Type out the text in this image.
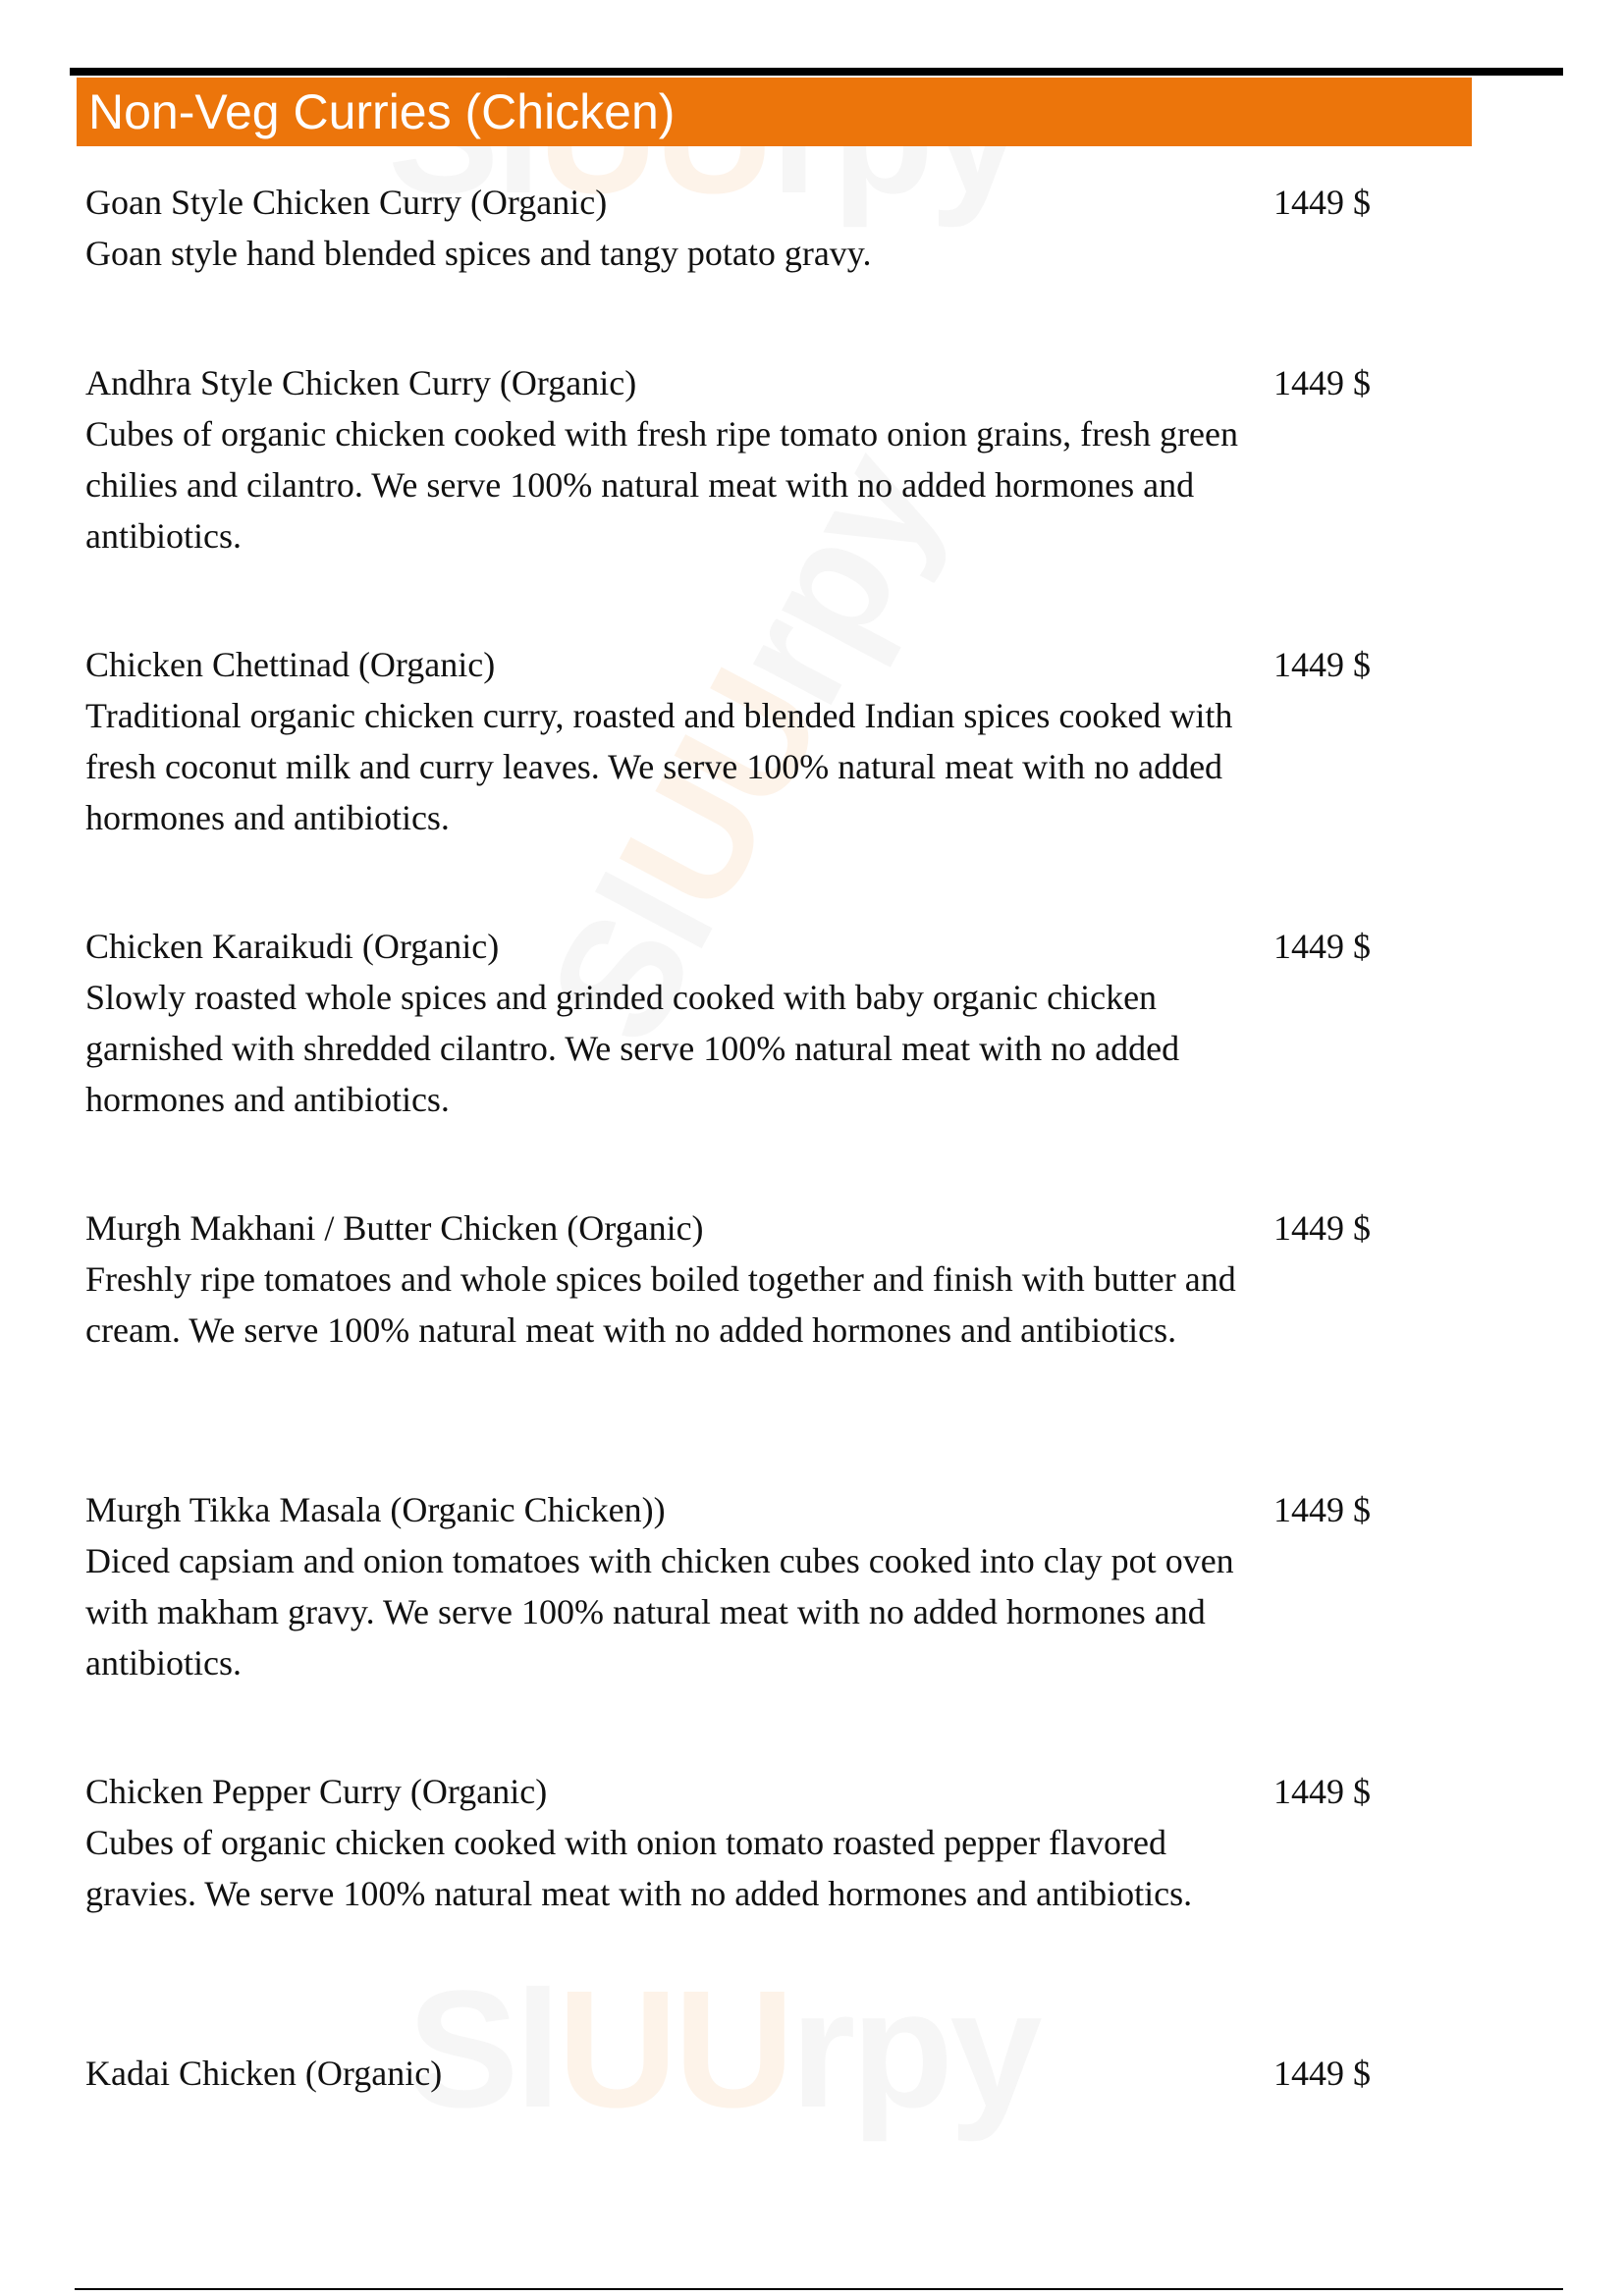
UU
UU
Non-Veg Curries (Chicken)
Goan Style Chicken Curry (Organic)
Goan style hand blended spices and tangy potato gravy.
1449 $
Andhra Style Chicken Curry (Organic)
Cubes of organic chicken cooked with fresh ripe tomato onion grains, fresh green chilies and cilantro. We serve 100% natural meat with no added hormones and antibiotics.
1449 $
Chicken Chettinad (Organic)
Traditional organic chicken curry, roasted and blended Indian spices cooked with fresh coconut milk and curry leaves. We serve 100% natural meat with no added hormones and antibiotics.
1449 $
Chicken Karaikudi (Organic)
Slowly roasted whole spices and grinded cooked with baby organic chicken garnished with shredded cilantro. We serve 100% natural meat with no added hormones and antibiotics.
1449 $
Murgh Makhani / Butter Chicken (Organic)
Freshly ripe tomatoes and whole spices boiled together and finish with butter and cream. We serve 100% natural meat with no added hormones and antibiotics.
1449 $
Murgh Tikka Masala (Organic Chicken))
Diced capsiam and onion tomatoes with chicken cubes cooked into clay pot oven with makham gravy. We serve 100% natural meat with no added hormones and antibiotics.
1449 $
Chicken Pepper Curry (Organic)
Cubes of organic chicken cooked with onion tomato roasted pepper flavored gravies. We serve 100% natural meat with no added hormones and antibiotics.
1449 $
Kadai Chicken (Organic)	1449 $
